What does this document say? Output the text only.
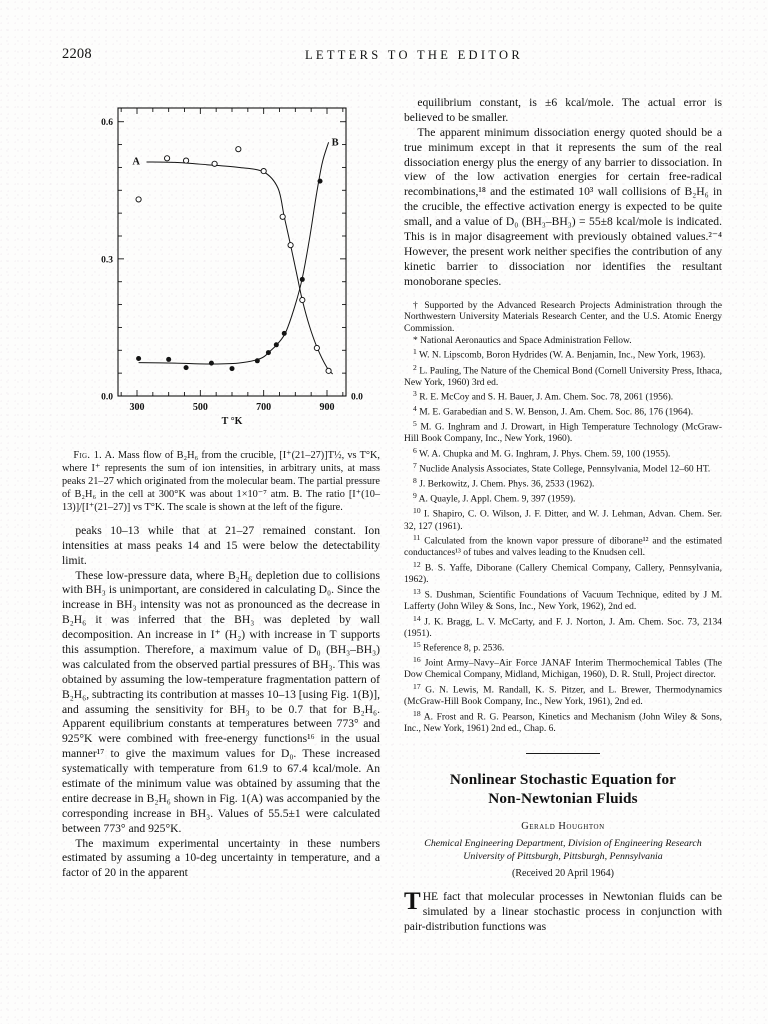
2208	LETTERS TO THE EDITOR
300	500	700	900
T °K
0.0
0.3
0.6
0.0
A
B
Fig. 1. A. Mass flow of B₂H₆ from the crucible, [I⁺(21–27)]T½, vs T°K, where I⁺ represents the sum of ion intensities, in arbitrary units, at mass peaks 21–27 which originated from the molecular beam. The partial pressure of B₂H₆ in the cell at 300°K was about 1×10⁻⁷ atm. B. The ratio [I⁺(10–13)]/[I⁺(21–27)] vs T°K. The scale is shown at the left of the figure.

peaks 10–13 while that at 21–27 remained constant. Ion intensities at mass peaks 14 and 15 were below the detectability limit.

These low-pressure data, where B₂H₆ depletion due to collisions with BH₃ is unimportant, are considered in calculating D₀. Since the increase in BH₃ intensity was not as pronounced as the decrease in B₂H₆ it was inferred that the BH₃ was depleted by wall decomposition. An increase in I⁺ (H₂) with increase in T supports this assumption. Therefore, a maximum value of D₀ (BH₃–BH₃) was calculated from the observed partial pressures of BH₃. This was obtained by assuming the low-temperature fragmentation pattern of B₂H₆, subtracting its contribution at masses 10–13 [using Fig. 1(B)], and assuming the sensitivity for BH₃ to be 0.7 that for B₂H₆. Apparent equilibrium constants at temperatures between 773° and 925°K were combined with free-energy functions¹⁶ in the usual manner¹⁷ to give the maximum values for D₀. These increased systematically with temperature from 61.9 to 67.4 kcal/mole. An estimate of the minimum value was obtained by assuming that the entire decrease in B₂H₆ shown in Fig. 1(A) was accompanied by the corresponding increase in BH₃. Values of 55.5±1 were calculated between 773° and 925°K.

The maximum experimental uncertainty in these numbers estimated by assuming a 10-deg uncertainty in temperature, and a factor of 20 in the apparent

equilibrium constant, is ±6 kcal/mole. The actual error is believed to be smaller.

The apparent minimum dissociation energy quoted should be a true minimum except in that it represents the sum of the real dissociation energy plus the energy of any barrier to dissociation. In view of the low activation energies for certain free-radical recombinations,¹⁸ and the estimated 10³ wall collisions of B₂H₆ in the crucible, the effective activation energy is expected to be quite small, and a value of D₀ (BH₃–BH₃) = 55±8 kcal/mole is indicated. This is in major disagreement with previously obtained values.²⁻⁴ However, the present work neither specifies the contribution of any kinetic barrier to dissociation nor identifies the resultant monoborane species.

† Supported by the Advanced Research Projects Administration through the Northwestern University Materials Research Center, and the U.S. Atomic Energy Commission.

* National Aeronautics and Space Administration Fellow.

$^1$ W. N. Lipscomb, Boron Hydrides (W. A. Benjamin, Inc., New York, 1963).

$^2$ L. Pauling, The Nature of the Chemical Bond (Cornell University Press, Ithaca, New York, 1960) 3rd ed.

$^3$ R. E. McCoy and S. H. Bauer, J. Am. Chem. Soc. 78, 2061 (1956).

$^4$ M. E. Garabedian and S. W. Benson, J. Am. Chem. Soc. 86, 176 (1964).

$^5$ M. G. Inghram and J. Drowart, in High Temperature Technology (McGraw-Hill Book Company, Inc., New York, 1960).

$^6$ W. A. Chupka and M. G. Inghram, J. Phys. Chem. 59, 100 (1955).

$^7$ Nuclide Analysis Associates, State College, Pennsylvania, Model 12–60 HT.

$^8$ J. Berkowitz, J. Chem. Phys. 36, 2533 (1962).

$^9$ A. Quayle, J. Appl. Chem. 9, 397 (1959).

$^{10}$ I. Shapiro, C. O. Wilson, J. F. Ditter, and W. J. Lehman, Advan. Chem. Ser. 32, 127 (1961).

$^{11}$ Calculated from the known vapor pressure of diborane¹² and the estimated conductances¹³ of tubes and valves leading to the Knudsen cell.

$^{12}$ B. S. Yaffe, Diborane (Callery Chemical Company, Callery, Pennsylvania, 1962).

$^{13}$ S. Dushman, Scientific Foundations of Vacuum Technique, edited by J M. Lafferty (John Wiley & Sons, Inc., New York, 1962), 2nd ed.

$^{14}$ J. K. Bragg, L. V. McCarty, and F. J. Norton, J. Am. Chem. Soc. 73, 2134 (1951).

$^{15}$ Reference 8, p. 2536.

$^{16}$ Joint Army–Navy–Air Force JANAF Interim Thermochemical Tables (The Dow Chemical Company, Midland, Michigan, 1960), D. R. Stull, Project director.

$^{17}$ G. N. Lewis, M. Randall, K. S. Pitzer, and L. Brewer, Thermodynamics (McGraw-Hill Book Company, Inc., New York, 1961), 2nd ed.

$^{18}$ A. Frost and R. G. Pearson, Kinetics and Mechanism (John Wiley & Sons, Inc., New York, 1961) 2nd ed., Chap. 6.

Nonlinear Stochastic Equation for
Non-Newtonian Fluids
Gerald Houghton
Chemical Engineering Department, Division of Engineering Research
University of Pittsburgh, Pittsburgh, Pennsylvania
(Received 20 April 1964)

THE fact that molecular processes in Newtonian fluids can be simulated by a linear stochastic process in conjunction with pair-distribution functions was
